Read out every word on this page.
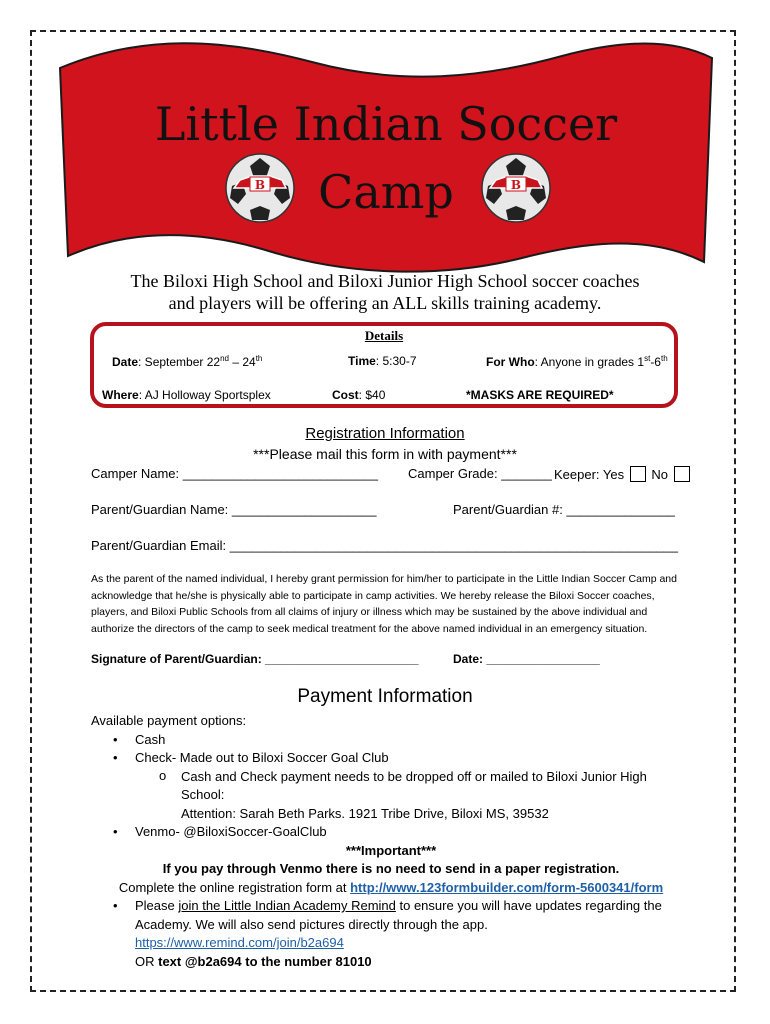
Little Indian Soccer
Camp
B	B
The Biloxi High School and Biloxi Junior High School soccer coaches
and players will be offering an ALL skills training academy.
Details
Date: September 22nd – 24th	Time: 5:30-7	For Who: Anyone in grades 1st-6th
Where: AJ Holloway Sportsplex	Cost: $40	*MASKS ARE REQUIRED*
Registration Information
***Please mail this form in with payment***
Camper Name: ___________________________ Camper Grade: _______ Keeper: Yes No
Parent/Guardian Name: ____________________	Parent/Guardian #: _______________
Parent/Guardian Email: ______________________________________________________________
As the parent of the named individual, I hereby grant permission for him/her to participate in the Little Indian Soccer Camp and acknowledge that he/she is physically able to participate in camp activities. We hereby release the Biloxi Soccer coaches, players, and Biloxi Public Schools from all claims of injury or illness which may be sustained by the above individual and authorize the directors of the camp to seek medical treatment for the above named individual in an emergency situation.
Signature of Parent/Guardian: _______________________	Date: _________________
Payment Information
Available payment options:
• Cash
• Check- Made out to Biloxi Soccer Goal Club
o Cash and Check payment needs to be dropped off or mailed to Biloxi Junior High School:
Attention: Sarah Beth Parks. 1921 Tribe Drive, Biloxi MS, 39532
• Venmo- @BiloxiSoccer-GoalClub
***Important***
If you pay through Venmo there is no need to send in a paper registration.
Complete the online registration form at http://www.123formbuilder.com/form-5600341/form
• Please join the Little Indian Academy Remind to ensure you will have updates regarding the
Academy. We will also send pictures directly through the app. https://www.remind.com/join/b2a694
OR text @b2a694 to the number 81010
